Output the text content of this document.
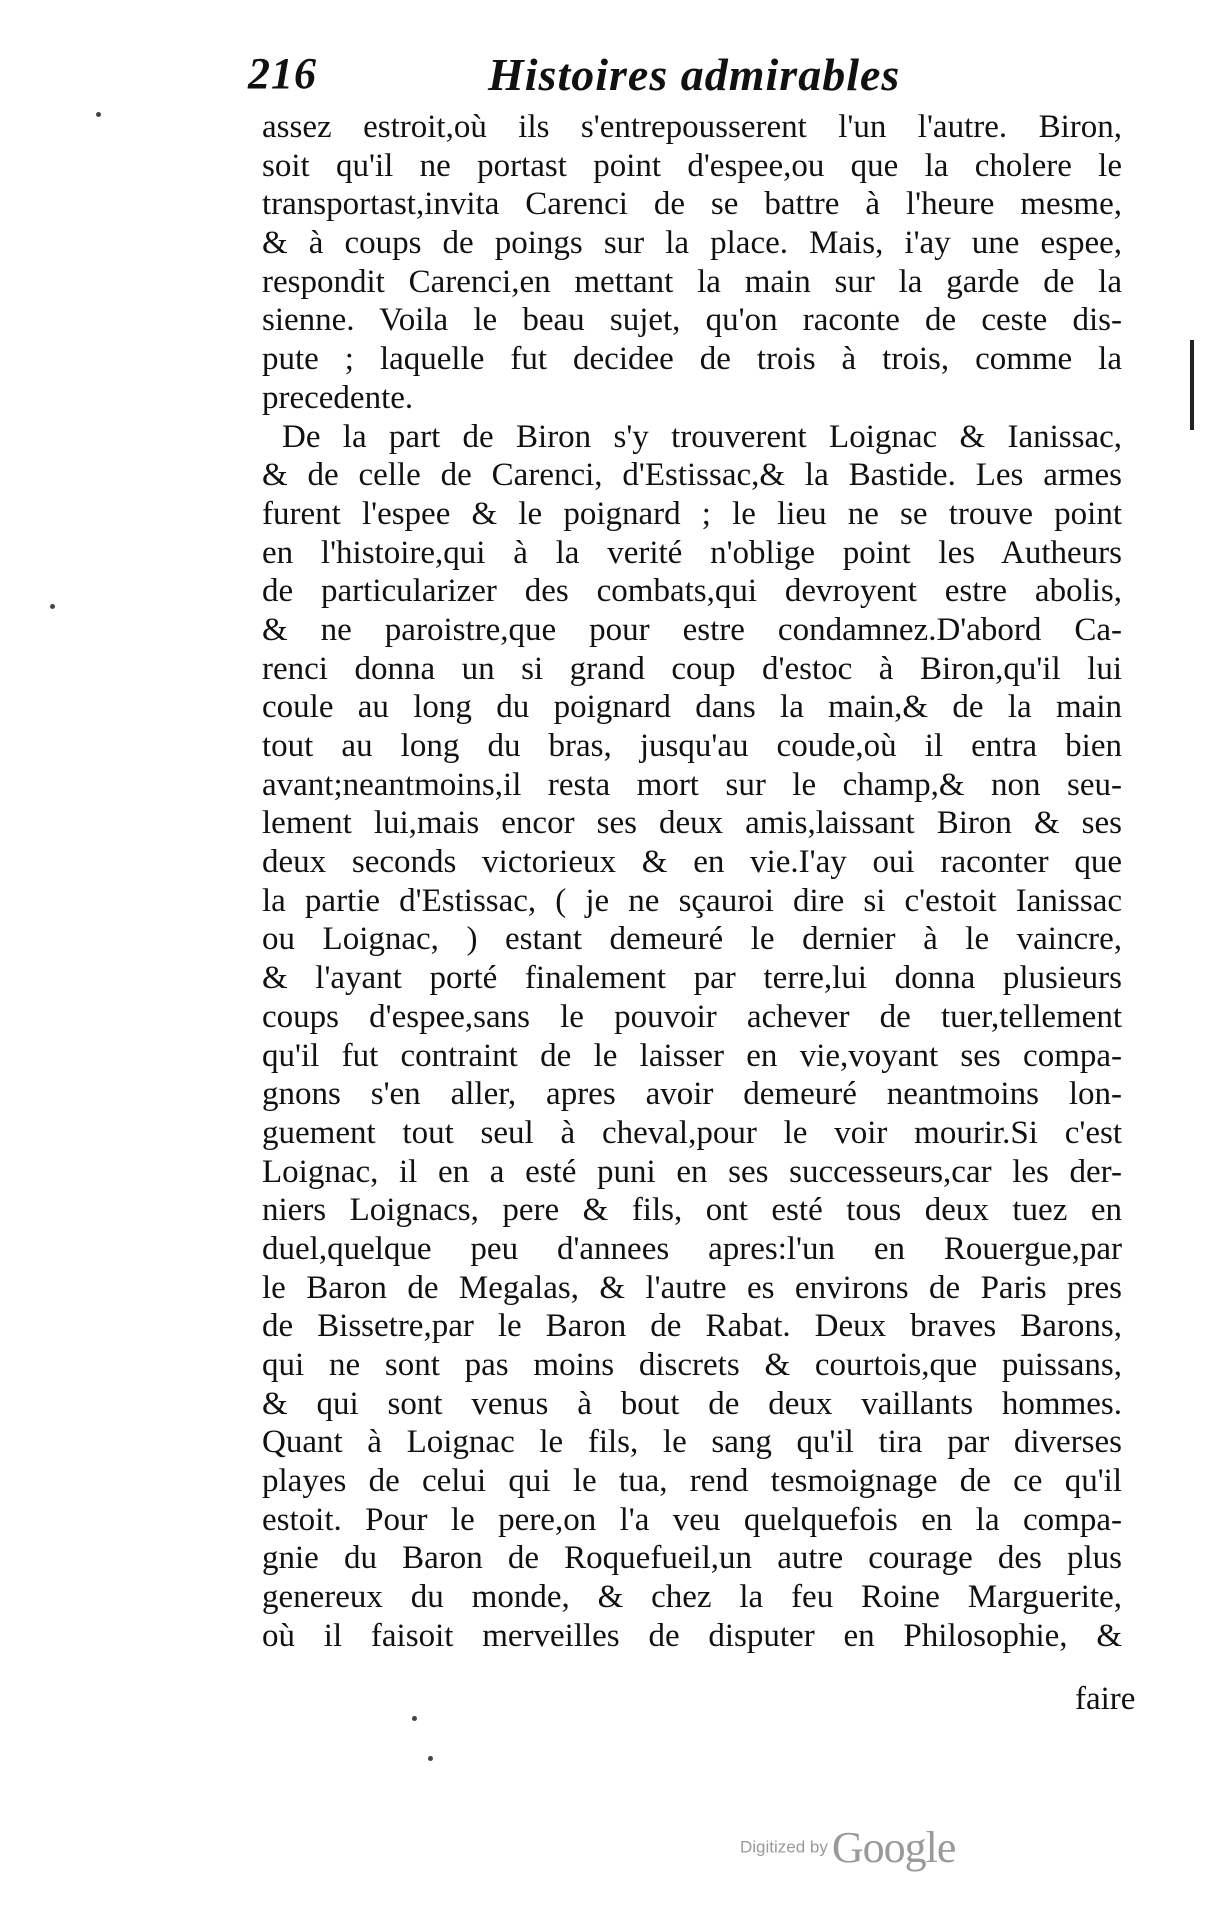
216	Histoires admirables
assez estroit,où ils s'entrepousserent l'un l'autre. Biron,
soit qu'il ne portast point d'espee,ou que la cholere le
transportast,invita Carenci de se battre à l'heure mesme,
& à coups de poings sur la place. Mais, i'ay une espee,
respondit Carenci,en mettant la main sur la garde de la
sienne. Voila le beau sujet, qu'on raconte de ceste dis-
pute ; laquelle fut decidee de trois à trois, comme la
precedente.
De la part de Biron s'y trouverent Loignac & Ianissac,
& de celle de Carenci, d'Estissac,& la Bastide. Les armes
furent l'espee & le poignard ; le lieu ne se trouve point
en l'histoire,qui à la verité n'oblige point les Autheurs
de particularizer des combats,qui devroyent estre abolis,
& ne paroistre,que pour estre condamnez.D'abord Ca-
renci donna un si grand coup d'estoc à Biron,qu'il lui
coule au long du poignard dans la main,& de la main
tout au long du bras, jusqu'au coude,où il entra bien
avant;neantmoins,il resta mort sur le champ,& non seu-
lement lui,mais encor ses deux amis,laissant Biron & ses
deux seconds victorieux & en vie.I'ay oui raconter que
la partie d'Estissac, ( je ne sçauroi dire si c'estoit Ianissac
ou Loignac, ) estant demeuré le dernier à le vaincre,
& l'ayant porté finalement par terre,lui donna plusieurs
coups d'espee,sans le pouvoir achever de tuer,tellement
qu'il fut contraint de le laisser en vie,voyant ses compa-
gnons s'en aller, apres avoir demeuré neantmoins lon-
guement tout seul à cheval,pour le voir mourir.Si c'est
Loignac, il en a esté puni en ses successeurs,car les der-
niers Loignacs, pere & fils, ont esté tous deux tuez en
duel,quelque peu d'annees apres:l'un en Rouergue,par
le Baron de Megalas, & l'autre es environs de Paris pres
de Bissetre,par le Baron de Rabat. Deux braves Barons,
qui ne sont pas moins discrets & courtois,que puissans,
& qui sont venus à bout de deux vaillants hommes.
Quant à Loignac le fils, le sang qu'il tira par diverses
playes de celui qui le tua, rend tesmoignage de ce qu'il
estoit. Pour le pere,on l'a veu quelquefois en la compa-
gnie du Baron de Roquefueil,un autre courage des plus
genereux du monde, & chez la feu Roine Marguerite,
où il faisoit merveilles de disputer en Philosophie, &
faire
Digitized by Google
